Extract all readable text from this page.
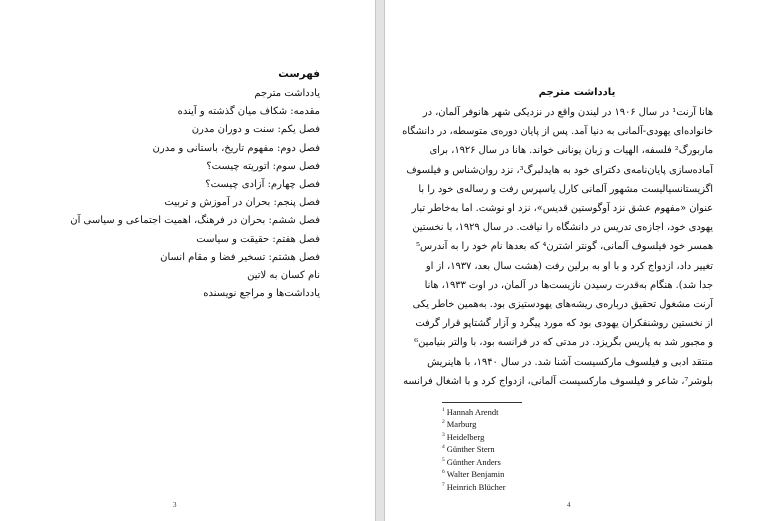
فهرست
یادداشت مترجم
مقدمه: شکاف میان گذشته و آینده
فصل یکم: سنت و دوران مدرن
فصل دوم: مفهوم تاریخ، باستانی و مدرن
فصل سوم: اتوریته چیست؟
فصل چهارم: آزادی چیست؟
فصل پنجم: بحران در آموزش و تربیت
فصل ششم: بحران در فرهنگ، اهمیت اجتماعی و سیاسی آن
فصل هفتم: حقیقت و سیاست
فصل هشتم: تسخیر فضا و مقام انسان
نام کسان به لاتین
یادداشت‌ها و مراجع نویسنده
3
یادداشت مترجم
هانا آرنت¹ در سال ۱۹۰۶ در لیندن واقع در نزدیکی شهر هانوفر آلمان، در
خانواده‌ای یهودی-آلمانی به دنیا آمد. پس از پایان دوره‌ی متوسطه، در دانشگاه
ماربورگ² فلسفه، الهیات و زبان یونانی خواند. هانا در سال ۱۹۲۶، برای
آماده‌سازی پایان‌نامه‌ی دکترای خود به هایدلبرگ³، نزد روان‌شناس و فیلسوف
اگزیستانسیالیست مشهور آلمانی کارل یاسپرس رفت و رساله‌ی خود را با
عنوان «مفهوم عشق نزد آوگوستین قدیس»، نزد او نوشت. اما به‌خاطر تبار
یهودی خود، اجازه‌ی تدریس در دانشگاه را نیافت. در سال ۱۹۲۹، با نخستین
همسر خود فیلسوف آلمانی، گونتر اشترن⁴ که بعدها نام خود را به آندرس⁵
تغییر داد، ازدواج کرد و با او به برلین رفت (هشت سال بعد، ۱۹۳۷، از او
جدا شد). هنگام به‌قدرت رسیدن نازیست‌ها در آلمان، در اوت ۱۹۳۳، هانا
آرنت مشغول تحقیق درباره‌ی ریشه‌های یهودستیزی بود. به‌همین خاطر یکی
از نخستین روشنفکران یهودی بود که مورد پیگرد و آزار گشتاپو قرار گرفت
و مجبور شد به پاریس بگریزد. در مدتی که در فرانسه بود، با والتر بنیامین⁶
منتقد ادبی و فیلسوف مارکسیست آشنا شد. در سال ۱۹۴۰، با هاینریش
بلوشر⁷، شاعر و فیلسوف مارکسیست آلمانی، ازدواج کرد و با اشغال فرانسه
$^1$ Hannah Arendt
$^2$ Marburg
$^3$ Heidelberg
$^4$ Günther Stern
$^5$ Günther Anders
$^6$ Walter Benjamin
$^7$ Heinrich Blücher
4
